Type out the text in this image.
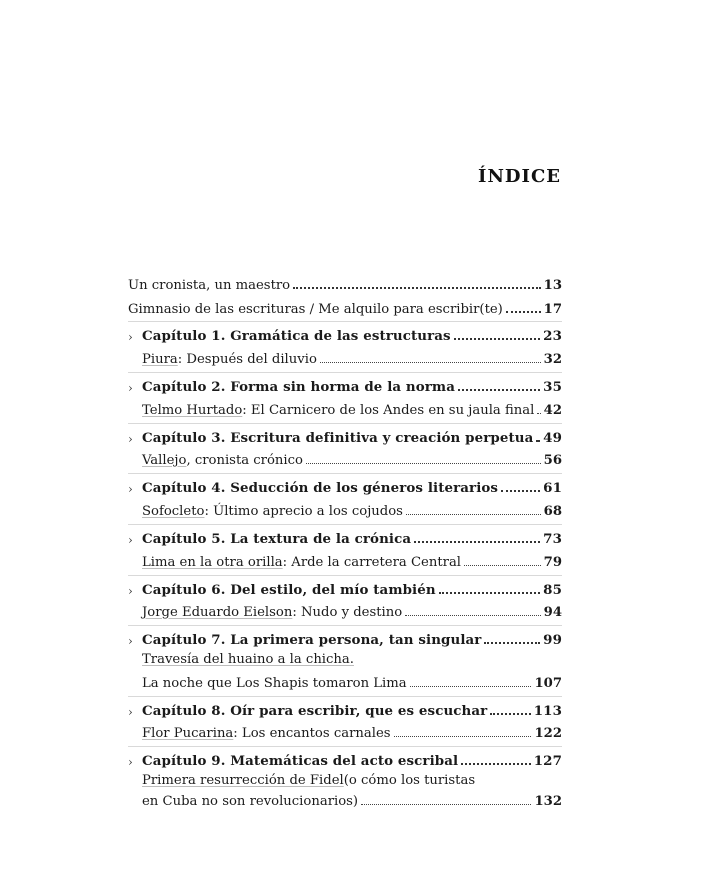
ÍNDICE
Un cronista, un maestro	13
Gimnasio de las escrituras / Me alquilo para escribir(te)	17
› Capítulo 1. Gramática de las estructuras	23
Piura: Después del diluvio	32
› Capítulo 2. Forma sin horma de la norma	35
Telmo Hurtado: El Carnicero de los Andes en su jaula final 42
› Capítulo 3. Escritura definitiva y creación perpetua 49
Vallejo, cronista crónico	56
› Capítulo 4. Seducción de los géneros literarios	61
Sofocleto: Último aprecio a los cojudos	68
› Capítulo 5. La textura de la crónica	73
Lima en la otra orilla: Arde la carretera Central	79
› Capítulo 6. Del estilo, del mío también	85
Jorge Eduardo Eielson: Nudo y destino	94
› Capítulo 7. La primera persona, tan singular	99
Travesía del huaino a la chicha.
La noche que Los Shapis tomaron Lima	107
› Capítulo 8. Oír para escribir, que es escuchar	113
Flor Pucarina: Los encantos carnales	122
› Capítulo 9. Matemáticas del acto escribal	127
Primera resurrección de Fidel (o cómo los turistas
en Cuba no son revolucionarios)	132
